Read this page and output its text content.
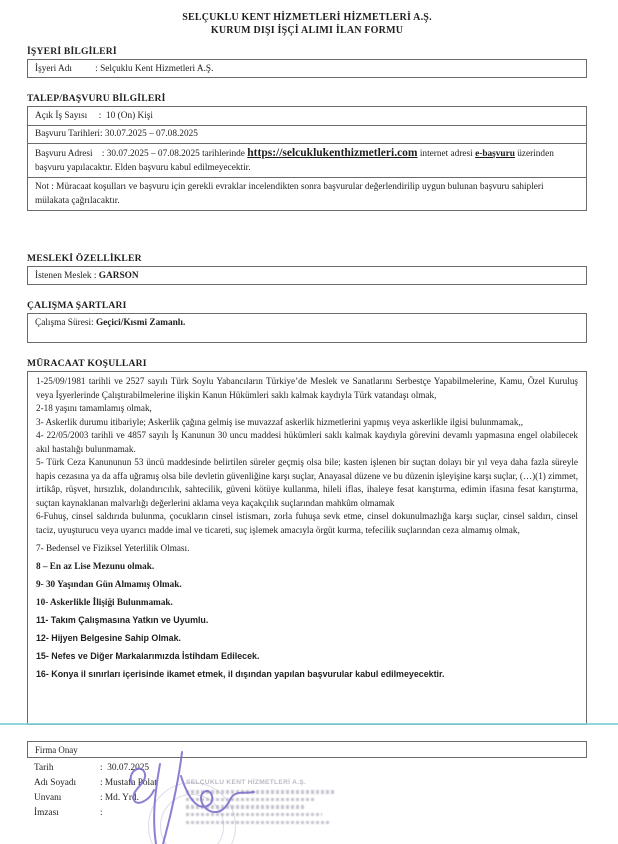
SELÇUKLU KENT HİZMETLERİ HİZMETLERİ A.Ş.
KURUM DIŞI İŞÇİ ALIMI İLAN FORMU
İŞYERİ BİLGİLERİ
İşyeri Adı          : Selçuklu Kent Hizmetleri A.Ş.
TALEP/BAŞVURU BİLGİLERİ
Açık İş Sayısı     :  10 (On) Kişi
Başvuru Tarihleri: 30.07.2025 – 07.08.2025
Başvuru Adresi    : 30.07.2025 – 07.08.2025 tarihlerinde https://selcuklukenthizmetleri.com internet adresi e-başvuru üzerinden başvuru yapılacaktır. Elden başvuru kabul edilmeyecektir.
Not : Müracaat koşulları ve başvuru için gerekli evraklar incelendikten sonra başvurular değerlendirilip uygun bulunan başvuru sahipleri mülakata çağrılacaktır.
MESLEKİ ÖZELLİKLER
İstenen Meslek : GARSON
ÇALIŞMA ŞARTLARI
Çalışma Süresi: Geçici/Kısmi Zamanlı.
MÜRACAAT KOŞULLARI
1-25/09/1981 tarihli ve 2527 sayılı Türk Soylu Yabancıların Türkiye’de Meslek ve Sanatlarını Serbestçe Yapabilmelerine, Kamu, Özel Kuruluş veya İşyerlerinde Çalıştırabilmelerine ilişkin Kanun Hükümleri saklı kalmak kaydıyla Türk vatandaşı olmak,
2-18 yaşını tamamlamış olmak,
3- Askerlik durumu itibariyle; Askerlik çağına gelmiş ise muvazzaf askerlik hizmetlerini yapmış veya askerlikle ilgisi bulunmamak,,
4- 22/05/2003 tarihli ve 4857 sayılı İş Kanunun 30 uncu maddesi hükümleri saklı kalmak kaydıyla görevini devamlı yapmasına engel olabilecek akıl hastalığı bulunmamak.
5- Türk Ceza Kanununun 53 üncü maddesinde belirtilen süreler geçmiş olsa bile; kasten işlenen bir suçtan dolayı bir yıl veya daha fazla süreyle hapis cezasına ya da affa uğramış olsa bile devletin güvenliğine karşı suçlar, Anayasal düzene ve bu düzenin işleyişine karşı suçlar, (…)(1) zimmet, irtikâp, rüşvet, hırsızlık, dolandırıcılık, sahtecilik, güveni kötüye kullanma, hileli iflas, ihaleye fesat karıştırma, edimin ifasına fesat karıştırma, suçtan kaynaklanan malvarlığı değerlerini aklama veya kaçakçılık suçlarından mahkûm olmamak
6-Fuhuş, cinsel saldırıda bulunma, çocukların cinsel istismarı, zorla fuhuşa sevk etme, cinsel dokunulmazlığa karşı suçlar, cinsel saldırı, cinsel taciz, uyuşturucu veya uyarıcı madde imal ve ticareti, suç işlemek amacıyla örgüt kurma, tefecilik suçlarından ceza almamış olmak,
7- Bedensel ve Fiziksel Yeterlilik Olması.
8 – En az Lise Mezunu olmak.
9- 30 Yaşından Gün Almamış Olmak.
10- Askerlikle İlişiği Bulunmamak.
11- Takım Çalışmasına Yatkın ve Uyumlu.
12- Hijyen Belgesine Sahip Olmak.
15- Nefes ve Diğer Markalarımızda İstihdam Edilecek.
16- Konya il sınırları içerisinde ikamet etmek, il dışından yapılan başvurular kabul edilmeyecektir.
Firma Onay
Tarih	:  30.07.2025
Adı Soyadı	: Mustafa Polat
Unvanı	: Md. Yrd.
İmzası	:
SELÇUKLU KENT HİZMETLERİ A.Ş.
